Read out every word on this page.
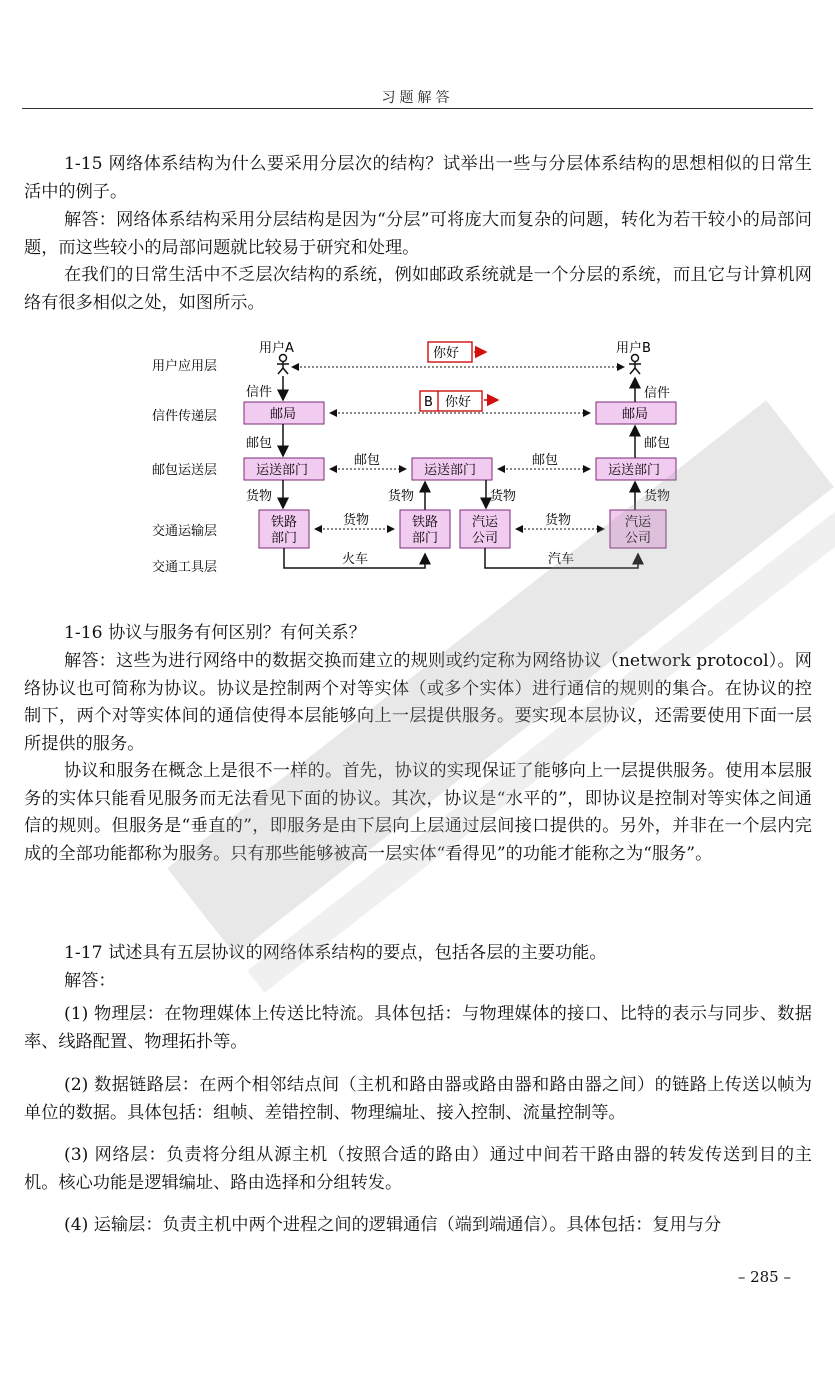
习题解答
1-15 网络体系结构为什么要采用分层次的结构？试举出一些与分层体系结构的思想相似的日常生活中的例子。
解答：网络体系结构采用分层结构是因为“分层”可将庞大而复杂的问题，转化为若干较小的局部问题，而这些较小的局部问题就比较易于研究和处理。
在我们的日常生活中不乏层次结构的系统，例如邮政系统就是一个分层的系统，而且它与计算机网络有很多相似之处，如图所示。
用户应用层
信件传递层
邮包运送层
交通运输层
交通工具层
用户A	用户B
你好
信件	信件
邮局	邮局
B 你好
邮包	邮包
运送部门	运送部门	运送部门
邮包	邮包
货物	货物	货物	货物
铁路
部门
铁路
部门
汽运
公司
汽运
公司
货物	货物
火车	汽车
1-16 协议与服务有何区别？有何关系？
解答：这些为进行网络中的数据交换而建立的规则或约定称为网络协议（network protocol）。网络协议也可简称为协议。协议是控制两个对等实体（或多个实体）进行通信的规则的集合。在协议的控制下，两个对等实体间的通信使得本层能够向上一层提供服务。要实现本层协议，还需要使用下面一层所提供的服务。
协议和服务在概念上是很不一样的。首先，协议的实现保证了能够向上一层提供服务。使用本层服务的实体只能看见服务而无法看见下面的协议。其次，协议是“水平的”，即协议是控制对等实体之间通信的规则。但服务是“垂直的”，即服务是由下层向上层通过层间接口提供的。另外，并非在一个层内完成的全部功能都称为服务。只有那些能够被高一层实体“看得见”的功能才能称之为“服务”。
1-17 试述具有五层协议的网络体系结构的要点，包括各层的主要功能。
解答：
(1) 物理层：在物理媒体上传送比特流。具体包括：与物理媒体的接口、比特的表示与同步、数据率、线路配置、物理拓扑等。
(2) 数据链路层：在两个相邻结点间（主机和路由器或路由器和路由器之间）的链路上传送以帧为单位的数据。具体包括：组帧、差错控制、物理编址、接入控制、流量控制等。
(3) 网络层：负责将分组从源主机（按照合适的路由）通过中间若干路由器的转发传送到目的主机。核心功能是逻辑编址、路由选择和分组转发。
(4) 运输层：负责主机中两个进程之间的逻辑通信（端到端通信）。具体包括：复用与分
– 285 –
